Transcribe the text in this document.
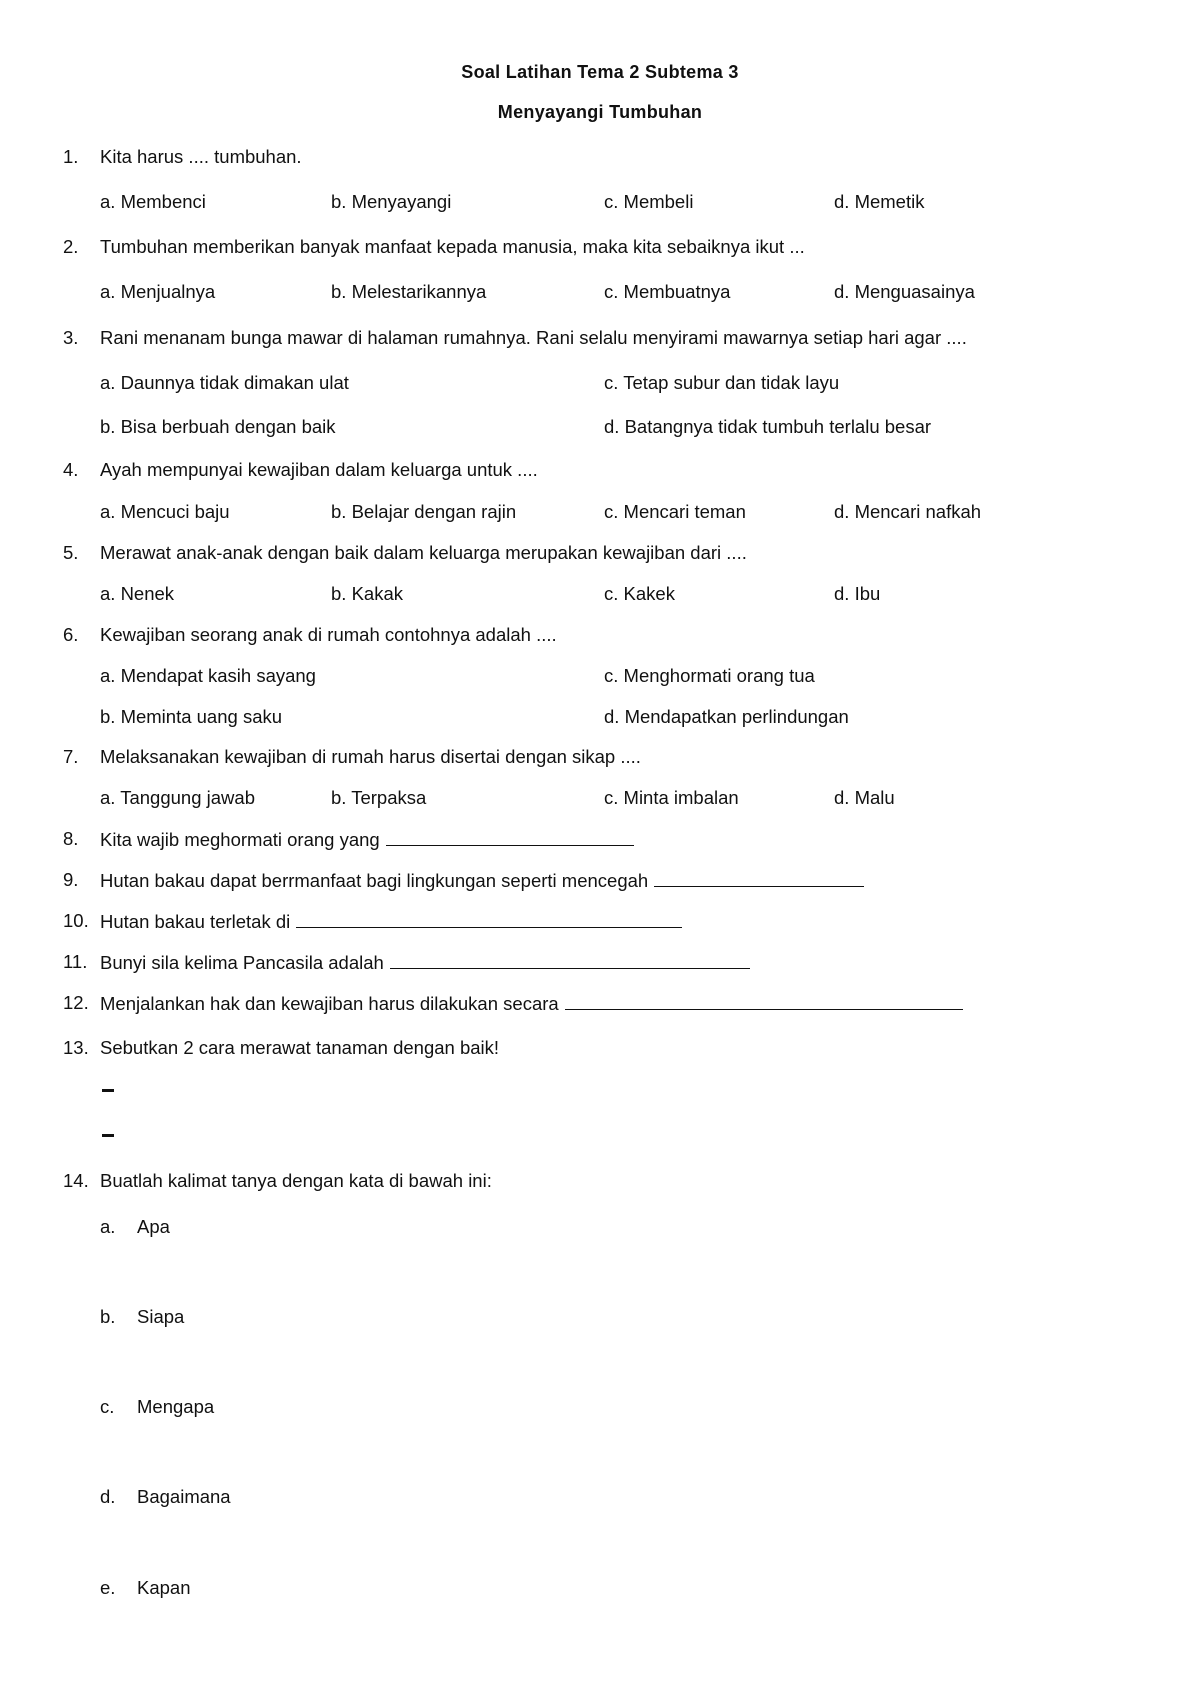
Soal Latihan Tema 2 Subtema 3
Menyayangi Tumbuhan
1.	Kita harus .... tumbuhan.
a. Membenci	b. Menyayangi	c. Membeli	d. Memetik
2.	Tumbuhan memberikan banyak manfaat kepada manusia, maka kita sebaiknya ikut ...
a. Menjualnya	b. Melestarikannya	c. Membuatnya	d. Menguasainya
3.	Rani menanam bunga mawar di halaman rumahnya. Rani selalu menyirami mawarnya setiap hari agar ....
a. Daunnya tidak dimakan ulat	c. Tetap subur dan tidak layu
b. Bisa berbuah dengan baik	d. Batangnya tidak tumbuh terlalu besar
4.	Ayah mempunyai kewajiban dalam keluarga untuk ....
a. Mencuci baju	b. Belajar dengan rajin	c. Mencari teman	d. Mencari nafkah
5.	Merawat anak-anak dengan baik dalam keluarga merupakan kewajiban dari ....
a. Nenek	b. Kakak	c. Kakek	d. Ibu
6.	Kewajiban seorang anak di rumah contohnya adalah ....
a. Mendapat kasih sayang	c. Menghormati orang tua
b. Meminta uang saku	d. Mendapatkan perlindungan
7.	Melaksanakan kewajiban di rumah harus disertai dengan sikap ....
a. Tanggung jawab	b. Terpaksa	c. Minta imbalan	d. Malu
8.	Kita wajib meghormati orang yang
9.	Hutan bakau dapat berrmanfaat bagi lingkungan seperti mencegah
10. Hutan bakau terletak di
11. Bunyi sila kelima Pancasila adalah
12. Menjalankan hak dan kewajiban harus dilakukan secara
13. Sebutkan 2 cara merawat tanaman dengan baik!
14. Buatlah kalimat tanya dengan kata di bawah ini:
a. Apa
b. Siapa
c. Mengapa
d. Bagaimana
e. Kapan
